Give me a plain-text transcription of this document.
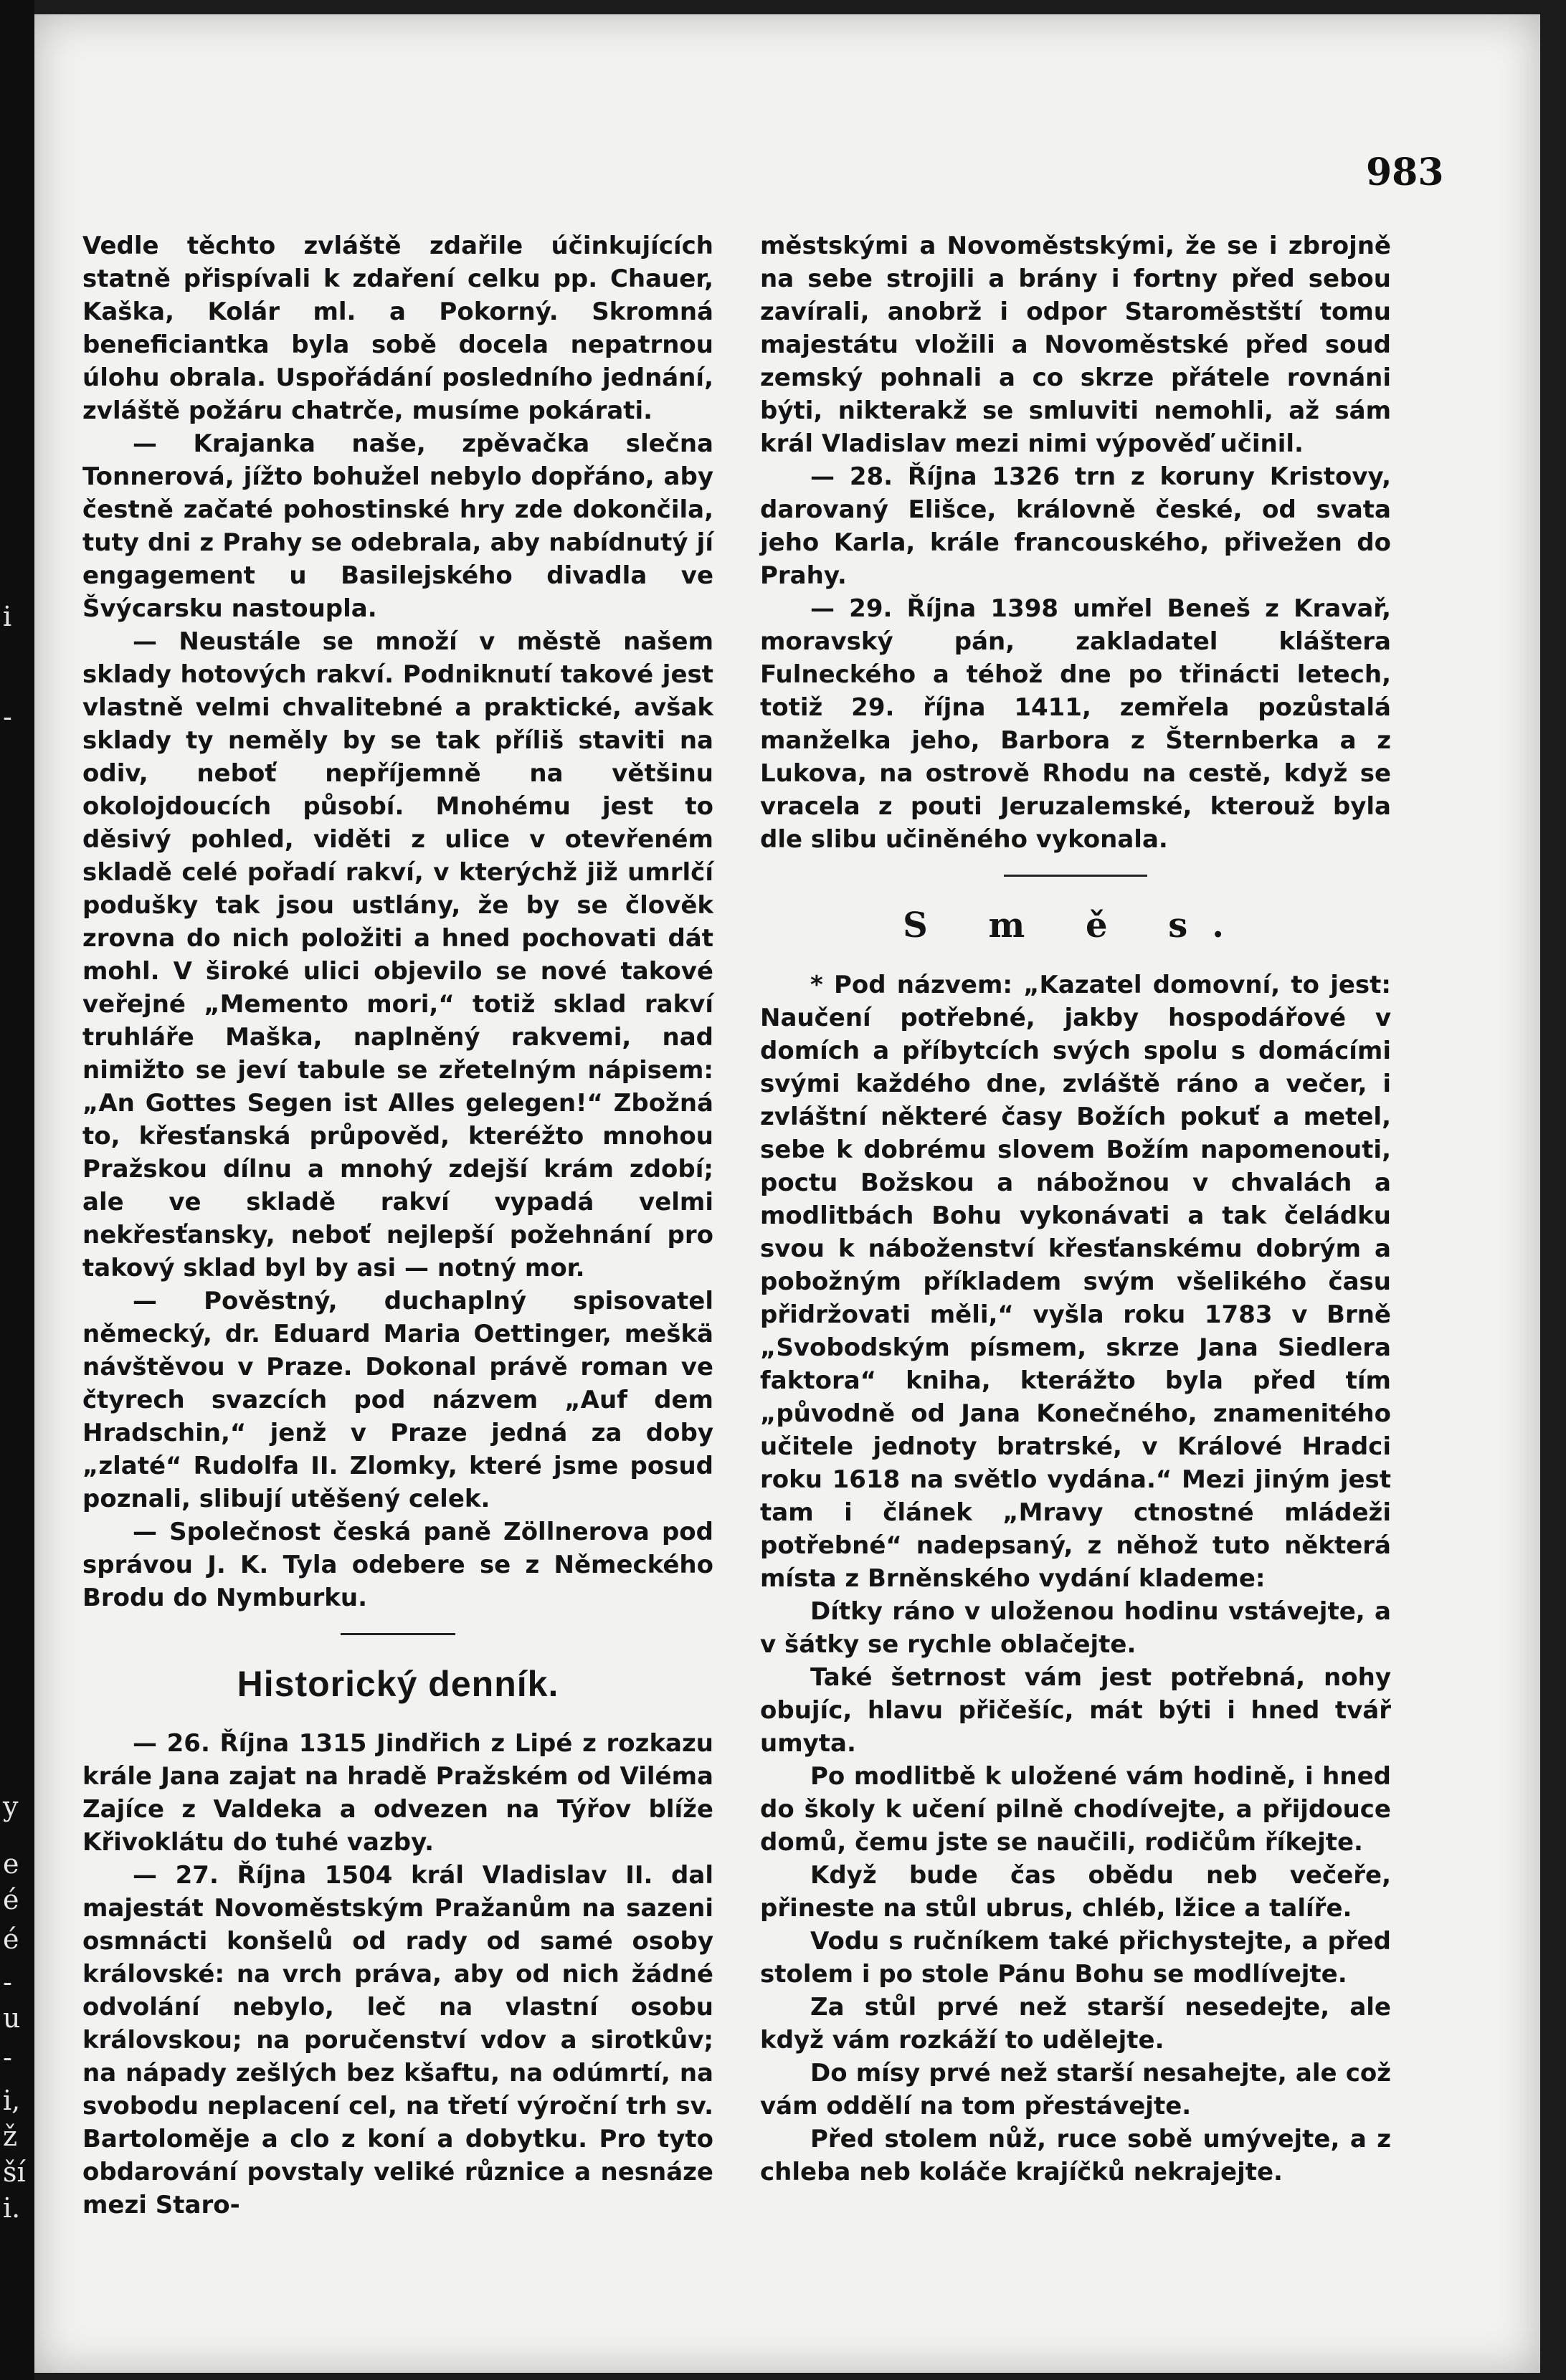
i
-
y
e
é
é
-
u
-
i,
ž
ší
i.
983

Vedle těchto zvláště zdařile účinkujících statně přispívali k zdaření celku pp. Chauer, Kaška, Kolár ml. a Pokorný. Skromná beneficiantka byla sobě docela nepatrnou úlohu obrala. Uspořádání posledního jednání, zvláště požáru chatrče, musíme pokárati.

— Krajanka naše, zpěvačka slečna Tonnerová, jížto bohužel nebylo dopřáno, aby čestně začaté pohostinské hry zde dokončila, tuty dni z Prahy se odebrala, aby nabídnutý jí engagement u Basilejského divadla ve Švýcarsku nastoupla.

— Neustále se množí v městě našem sklady hotových rakví. Podniknutí takové jest vlastně velmi chvalitebné a praktické, avšak sklady ty neměly by se tak příliš staviti na odiv, neboť nepříjemně na většinu okolojdoucích působí. Mnohému jest to děsivý pohled, viděti z ulice v otevřeném skladě celé pořadí rakví, v kterýchž již umrlčí podušky tak jsou ustlány, že by se člověk zrovna do nich položiti a hned pochovati dát mohl. V široké ulici objevilo se nové takové veřejné „Memento mori,“ totiž sklad rakví truhláře Maška, naplněný rakvemi, nad nimižto se jeví tabule se zřetelným nápisem: „An Gottes Segen ist Alles gelegen!“ Zbožná to, křesťanská průpověd, kteréžto mnohou Pražskou dílnu a mnohý zdejší krám zdobí; ale ve skladě rakví vypadá velmi nekřesťansky, neboť nejlepší požehnání pro takový sklad byl by asi — notný mor.

— Pověstný, duchaplný spisovatel německý, dr. Eduard Maria Oettinger, meškä návštěvou v Praze. Dokonal právě roman ve čtyrech svazcích pod názvem „Auf dem Hradschin,“ jenž v Praze jedná za doby „zlaté“ Rudolfa II. Zlomky, které jsme posud poznali, slibují utěšený celek.

— Společnost česká paně Zöllnerova pod správou J. K. Tyla odebere se z Německého Brodu do Nymburku.

Historický denník.

— 26. Října 1315 Jindřich z Lipé z rozkazu krále Jana zajat na hradě Pražském od Viléma Zajíce z Valdeka a odvezen na Týřov blíže Křivoklátu do tuhé vazby.

— 27. Října 1504 král Vladislav II. dal majestát Novoměstským Pražanům na sazeni osmnácti konšelů od rady od samé osoby královské: na vrch práva, aby od nich žádné odvolání nebylo, leč na vlastní osobu královskou; na poručenství vdov a sirotkův; na nápady zešlých bez kšaftu, na odúmrtí, na svobodu neplacení cel, na třetí výroční trh sv. Bartoloměje a clo z koní a dobytku. Pro tyto obdarování povstaly veliké různice a nesnáze mezi Staro-

městskými a Novoměstskými, že se i zbrojně na sebe strojili a brány i fortny před sebou zavírali, anobrž i odpor Staroměstští tomu majestátu vložili a Novoměstské před soud zemský pohnali a co skrze přátele rovnáni býti, nikterakž se smluviti nemohli, až sám král Vladislav mezi nimi výpověď učinil.

— 28. Října 1326 trn z koruny Kristovy, darovaný Elišce, královně české, od svata jeho Karla, krále francouského, přivežen do Prahy.

— 29. Října 1398 umřel Beneš z Kravař, moravský pán, zakladatel kláštera Fulneckého a téhož dne po třinácti letech, totiž 29. října 1411, zemřela pozůstalá manželka jeho, Barbora z Šternberka a z Lukova, na ostrově Rhodu na cestě, když se vracela z pouti Jeruzalemské, kterouž byla dle slibu učiněného vykonala.

S m ě s.

* Pod názvem: „Kazatel domovní, to jest: Naučení potřebné, jakby hospodářové v domích a příbytcích svých spolu s domácími svými každého dne, zvláště ráno a večer, i zvláštní některé časy Božích pokuť a metel, sebe k dobrému slovem Božím napomenouti, poctu Božskou a nábožnou v chvalách a modlitbách Bohu vykonávati a tak čeládku svou k náboženství křesťanskému dobrým a pobožným příkladem svým všelikého času přidržovati měli,“ vyšla roku 1783 v Brně „Svobodským písmem, skrze Jana Siedlera faktora“ kniha, kterážto byla před tím „původně od Jana Konečného, znamenitého učitele jednoty bratrské, v Králové Hradci roku 1618 na světlo vydána.“ Mezi jiným jest tam i článek „Mravy ctnostné mládeži potřebné“ nadepsaný, z něhož tuto některá místa z Brněnského vydání klademe:

Dítky ráno v uloženou hodinu vstávejte, a v šátky se rychle oblačejte.

Také šetrnost vám jest potřebná, nohy obujíc, hlavu přičešíc, mát býti i hned tvář umyta.

Po modlitbě k uložené vám hodině, i hned do školy k učení pilně chodívejte, a přijdouce domů, čemu jste se naučili, rodičům říkejte.

Když bude čas obědu neb večeře, přineste na stůl ubrus, chléb, lžice a talíře.

Vodu s ručníkem také přichystejte, a před stolem i po stole Pánu Bohu se modlívejte.

Za stůl prvé než starší nesedejte, ale když vám rozkáží to udělejte.

Do mísy prvé než starší nesahejte, ale což vám oddělí na tom přestávejte.

Před stolem nůž, ruce sobě umývejte, a z chleba neb koláče krajíčků nekrajejte.
